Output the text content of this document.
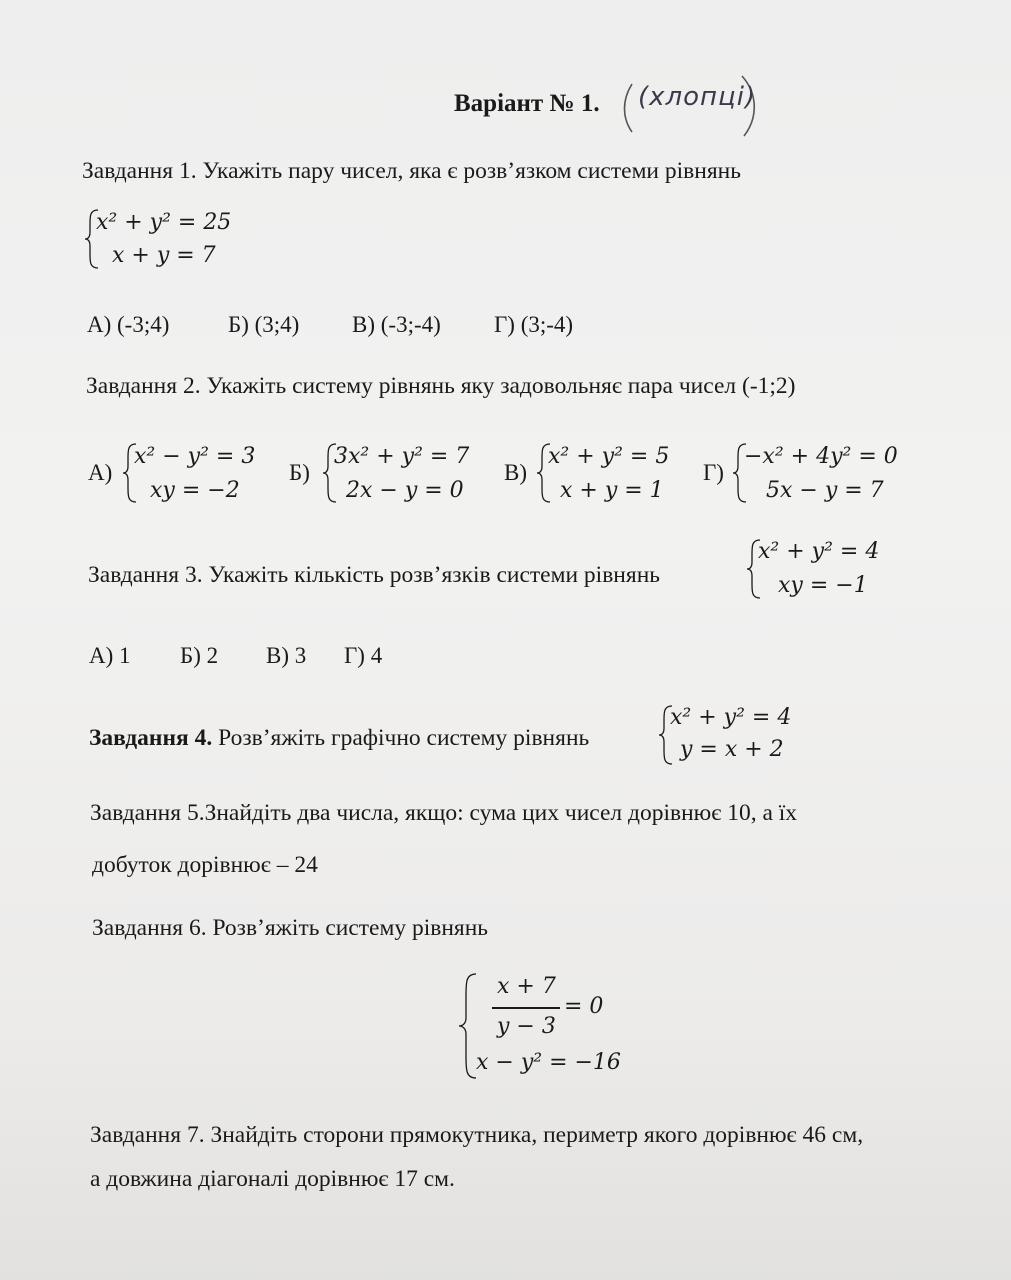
Варіант № 1. (хлопці)
Завдання 1. Укажіть пару чисел, яка є розв’язком системи рівнянь
x² + y² = 25
x + y = 7
А) (-3;4)	Б) (3;4) В) (-3;-4) Г) (3;-4)
Завдання 2. Укажіть систему рівнянь яку задовольняє пара чисел (-1;2)
А)
x² − y² = 3
xy = −2
Б)
3x² + y² = 7
2x − y = 0
В)
x² + y² = 5
x + y = 1
Г)
−x² + 4y² = 0
5x − y = 7
Завдання 3. Укажіть кількість розв’язків системи рівнянь
x² + y² = 4
xy = −1
А) 1 Б) 2 В) 3 Г) 4
Завдання 4. Розв’яжіть графічно систему рівнянь
x² + y² = 4
y = x + 2
Завдання 5.Знайдіть два числа, якщо: сума цих чисел дорівнює 10, а їх
добуток дорівнює – 24
Завдання 6. Розв’яжіть систему рівнянь
x + 7
y − 3
= 0
x − y² = −16
Завдання 7. Знайдіть сторони прямокутника, периметр якого дорівнює 46 см,
а довжина діагоналі дорівнює 17 см.
